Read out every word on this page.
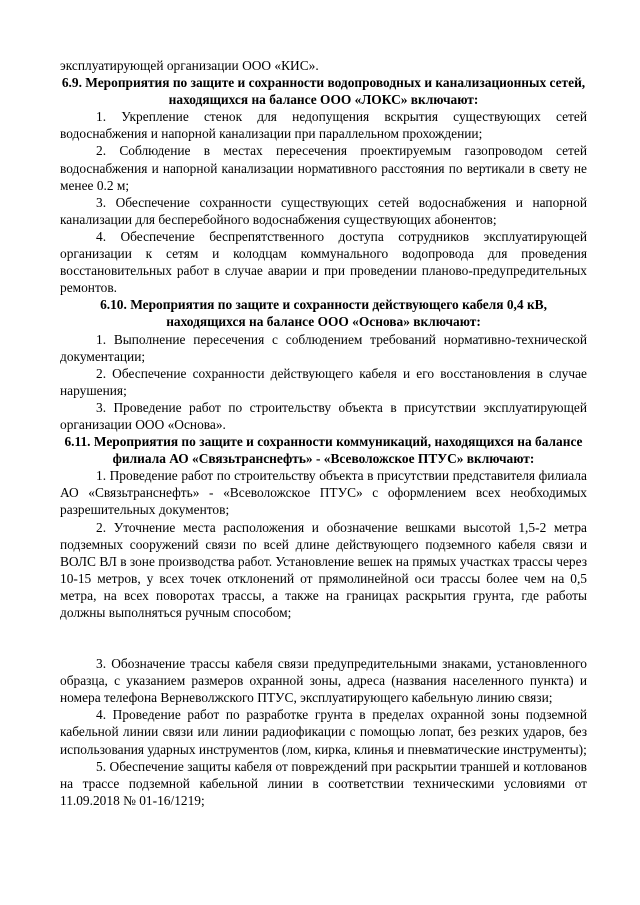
эксплуатирующей организации ООО «КИС».

6.9. Мероприятия по защите и сохранности водопроводных и канализационных сетей, находящихся на балансе ООО «ЛОКС» включают:

1. Укрепление стенок для недопущения вскрытия существующих сетей водоснабжения и напорной канализации при параллельном прохождении;

2. Соблюдение в местах пересечения проектируемым газопроводом сетей водоснабжения и напорной канализации нормативного расстояния по вертикали в свету не менее 0.2 м;

3. Обеспечение сохранности существующих сетей водоснабжения и напорной канализации для бесперебойного водоснабжения существующих абонентов;

4. Обеспечение беспрепятственного доступа сотрудников эксплуатирующей организации к сетям и колодцам коммунального водопровода для проведения восстановительных работ в случае аварии и при проведении планово-предупредительных ремонтов.

6.10. Мероприятия по защите и сохранности действующего кабеля 0,4 кВ, находящихся на балансе ООО «Основа» включают:

1. Выполнение пересечения с соблюдением требований нормативно-технической документации;

2. Обеспечение сохранности действующего кабеля и его восстановления в случае нарушения;

3. Проведение работ по строительству объекта в присутствии эксплуатирующей организации ООО «Основа».

6.11. Мероприятия по защите и сохранности коммуникаций, находящихся на балансе филиала АО «Связьтранснефть» - «Всеволожское ПТУС» включают:

1. Проведение работ по строительству объекта в присутствии представителя филиала АО «Связьтранснефть» - «Всеволожское ПТУС» с оформлением всех необходимых разрешительных документов;

2. Уточнение места расположения и обозначение вешками высотой 1,5-2 метра подземных сооружений связи по всей длине действующего подземного кабеля связи и ВОЛС ВЛ в зоне производства работ. Установление вешек на прямых участках трассы через 10-15 метров, у всех точек отклонений от прямолинейной оси трассы более чем на 0,5 метра, на всех поворотах трассы, а также на границах раскрытия грунта, где работы должны выполняться ручным способом;

3. Обозначение трассы кабеля связи предупредительными знаками, установленного образца, с указанием размеров охранной зоны, адреса (названия населенного пункта) и номера телефона Верневолжского ПТУС, эксплуатирующего кабельную линию связи;

4. Проведение работ по разработке грунта в пределах охранной зоны подземной кабельной линии связи или линии радиофикации с помощью лопат, без резких ударов, без использования ударных инструментов (лом, кирка, клинья и пневматические инструменты);

5. Обеспечение защиты кабеля от повреждений при раскрытии траншей и котлованов на трассе подземной кабельной линии в соответствии техническими условиями от 11.09.2018 № 01-16/1219;
